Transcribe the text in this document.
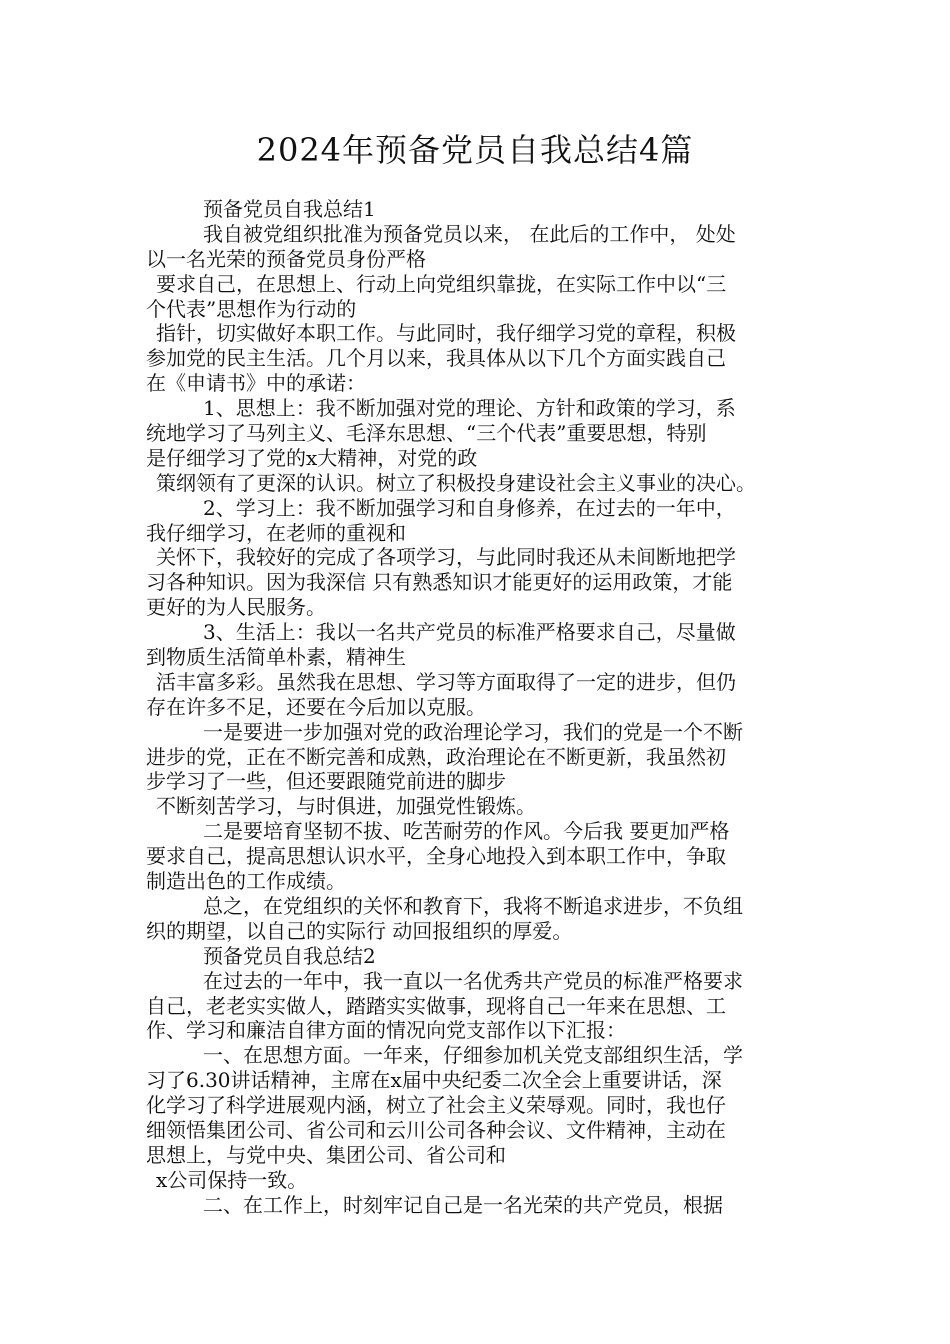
2024年预备党员自我总结4篇
预备党员自我总结1
我自被党组织批准为预备党员以来， 在此后的工作中， 处处
以一名光荣的预备党员身份严格
要求自己，在思想上、行动上向党组织靠拢，在实际工作中以“三
个代表”思想作为行动的
指针，切实做好本职工作。与此同时，我仔细学习党的章程，积极
参加党的民主生活。几个月以来，我具体从以下几个方面实践自己
在《申请书》中的承诺：
1、思想上：我不断加强对党的理论、方针和政策的学习，系
统地学习了马列主义、毛泽东思想、“三个代表”重要思想，特别
是仔细学习了党的x大精神，对党的政
策纲领有了更深的认识。树立了积极投身建设社会主义事业的决心。
2、学习上：我不断加强学习和自身修养，在过去的一年中，
我仔细学习，在老师的重视和
关怀下，我较好的完成了各项学习，与此同时我还从未间断地把学
习各种知识。因为我深信 只有熟悉知识才能更好的运用政策，才能
更好的为人民服务。
3、生活上：我以一名共产党员的标准严格要求自己，尽量做
到物质生活简单朴素，精神生
活丰富多彩。虽然我在思想、学习等方面取得了一定的进步，但仍
存在许多不足，还要在今后加以克服。
一是要进一步加强对党的政治理论学习，我们的党是一个不断
进步的党，正在不断完善和成熟，政治理论在不断更新，我虽然初
步学习了一些，但还要跟随党前进的脚步
不断刻苦学习，与时俱进，加强党性锻炼。
二是要培育坚韧不拔、吃苦耐劳的作风。今后我 要更加严格
要求自己，提高思想认识水平，全身心地投入到本职工作中，争取
制造出色的工作成绩。
总之，在党组织的关怀和教育下，我将不断追求进步，不负组
织的期望，以自己的实际行 动回报组织的厚爱。
预备党员自我总结2
在过去的一年中，我一直以一名优秀共产党员的标准严格要求
自己，老老实实做人，踏踏实实做事，现将自己一年来在思想、工
作、学习和廉洁自律方面的情况向党支部作以下汇报：
一、在思想方面。一年来，仔细参加机关党支部组织生活，学
习了6.30讲话精神，主席在x届中央纪委二次全会上重要讲话，深
化学习了科学进展观内涵，树立了社会主义荣辱观。同时，我也仔
细领悟集团公司、省公司和云川公司各种会议、文件精神，主动在
思想上，与党中央、集团公司、省公司和
x公司保持一致。
二、在工作上，时刻牢记自己是一名光荣的共产党员，根据
